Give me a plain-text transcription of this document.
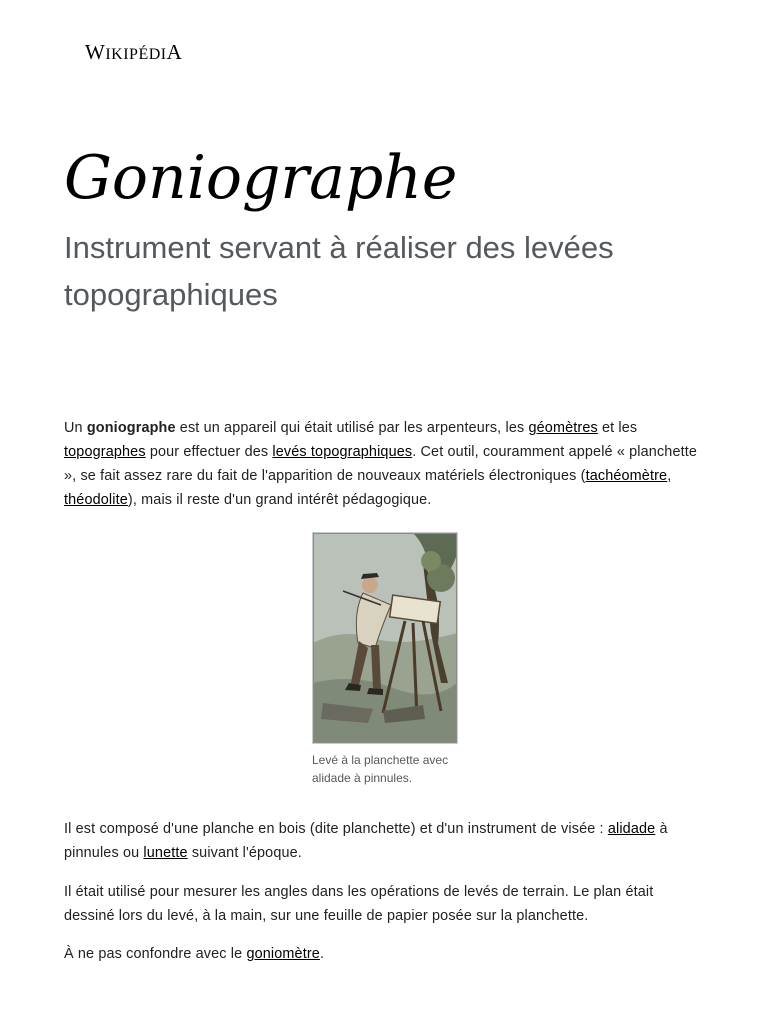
WIKIPÉDIA
Goniographe
Instrument servant à réaliser des levées topographiques

Un goniographe est un appareil qui était utilisé par les arpenteurs, les géomètres et les topographes pour effectuer des levés topographiques. Cet outil, couramment appelé « planchette », se fait assez rare du fait de l'apparition de nouveaux matériels électroniques (tachéomètre, théodolite), mais il reste d'un grand intérêt pédagogique.

Levé à la planchette avec alidade à pinnules.

Il est composé d'une planche en bois (dite planchette) et d'un instrument de visée : alidade à pinnules ou lunette suivant l'époque.

Il était utilisé pour mesurer les angles dans les opérations de levés de terrain. Le plan était dessiné lors du levé, à la main, sur une feuille de papier posée sur la planchette.

À ne pas confondre avec le goniomètre.
